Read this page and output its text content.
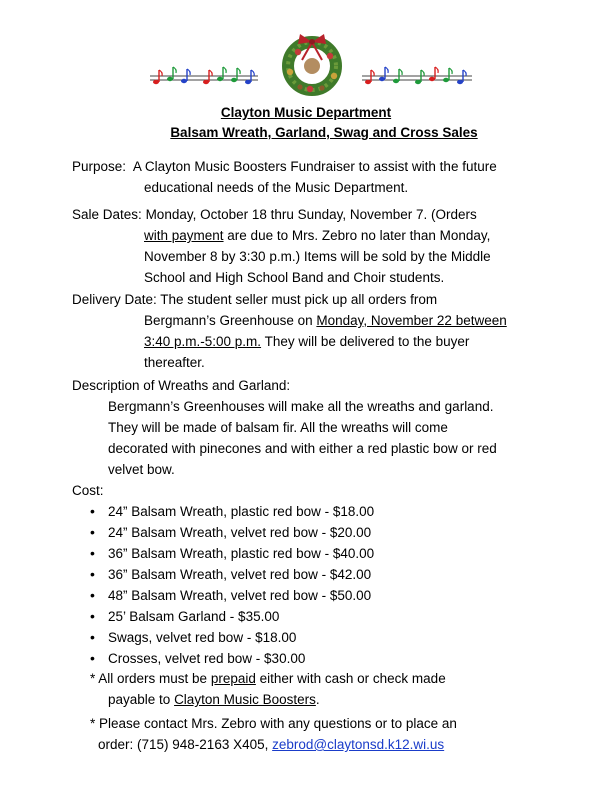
Clayton Music Department
Balsam Wreath, Garland, Swag and Cross Sales
Purpose: A Clayton Music Boosters Fundraiser to assist with the future
educational needs of the Music Department.
Sale Dates: Monday, October 18 thru Sunday, November 7. (Orders
with payment are due to Mrs. Zebro no later than Monday,
November 8 by 3:30 p.m.) Items will be sold by the Middle
School and High School Band and Choir students.
Delivery Date: The student seller must pick up all orders from
Bergmann’s Greenhouse on Monday, November 22 between
3:40 p.m.-5:00 p.m. They will be delivered to the buyer
thereafter.
Description of Wreaths and Garland:
Bergmann’s Greenhouses will make all the wreaths and garland.
They will be made of balsam fir. All the wreaths will come
decorated with pinecones and with either a red plastic bow or red
velvet bow.
Cost:
• 24” Balsam Wreath, plastic red bow - $18.00
• 24” Balsam Wreath, velvet red bow - $20.00
• 36” Balsam Wreath, plastic red bow - $40.00
• 36” Balsam Wreath, velvet red bow - $42.00
• 48” Balsam Wreath, velvet red bow - $50.00
• 25’ Balsam Garland - $35.00
• Swags, velvet red bow - $18.00
• Crosses, velvet red bow - $30.00
* All orders must be prepaid either with cash or check made
payable to Clayton Music Boosters.
* Please contact Mrs. Zebro with any questions or to place an
order: (715) 948-2163 X405, zebrod@claytonsd.k12.wi.us
